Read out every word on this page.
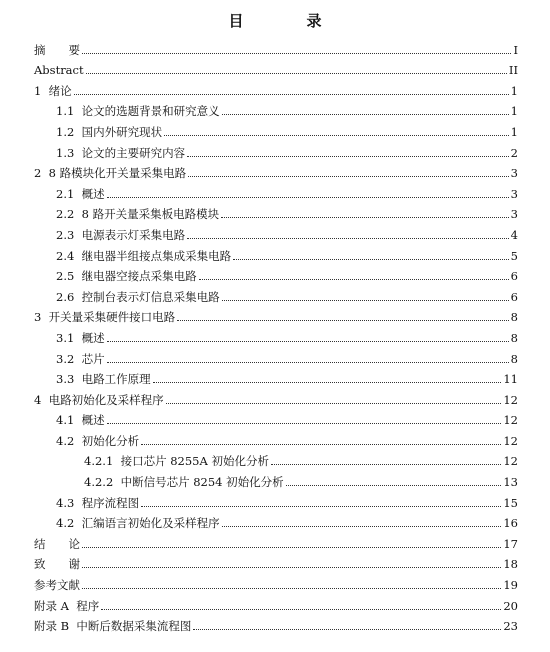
目　录
摘　　要	I
Abstract	II
1  绪论	1
1.1  论文的选题背景和研究意义	1
1.2  国内外研究现状	1
1.3  论文的主要研究内容	2
2  8 路模块化开关量采集电路	3
2.1  概述	3
2.2  8 路开关量采集板电路模块	3
2.3  电源表示灯采集电路	4
2.4  继电器半组接点集成采集电路	5
2.5  继电器空接点采集电路	6
2.6  控制台表示灯信息采集电路	6
3  开关量采集硬件接口电路	8
3.1  概述	8
3.2  芯片	8
3.3  电路工作原理	11
4  电路初始化及采样程序	12
4.1  概述	12
4.2  初始化分析	12
4.2.1  接口芯片 8255A 初始化分析	12
4.2.2  中断信号芯片 8254 初始化分析	13
4.3  程序流程图	15
4.2  汇编语言初始化及采样程序	16
结　　论	17
致　　谢	18
参考文献	19
附录 A  程序	20
附录 B  中断后数据采集流程图	23
